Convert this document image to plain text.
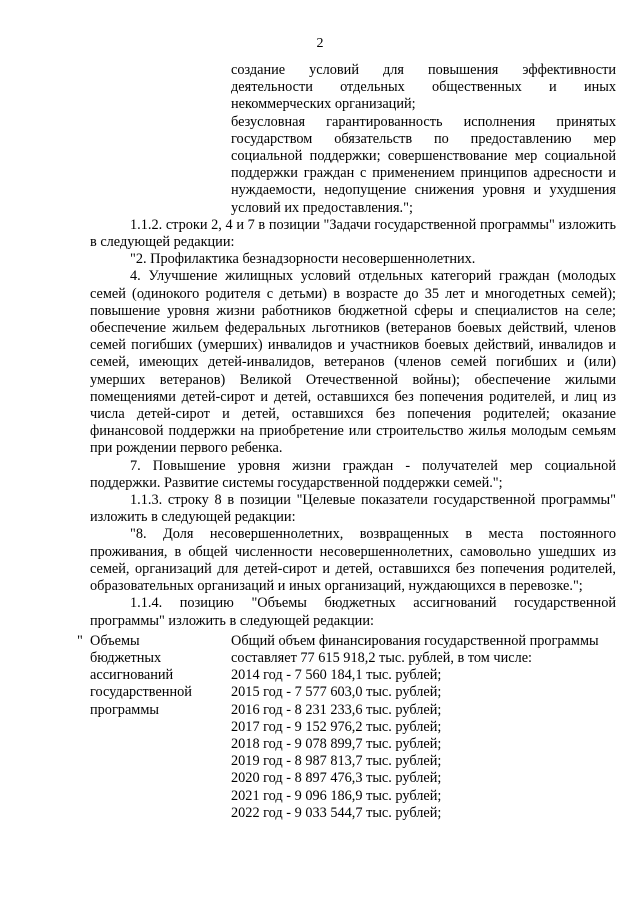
2

создание условий для повышения эффективности деятельности отдельных общественных и иных некоммерческих организаций;

безусловная гарантированность исполнения принятых государством обязательств по предоставлению мер социальной поддержки; совершенствование мер социальной поддержки граждан с применением принципов адресности и нуждаемости, недопущение снижения уровня и ухудшения условий их предоставления.";

1.1.2. строки 2, 4 и 7 в позиции "Задачи государственной программы" изложить в следующей редакции:

"2. Профилактика безнадзорности несовершеннолетних.

4. Улучшение жилищных условий отдельных категорий граждан (молодых семей (одинокого родителя с детьми) в возрасте до 35 лет и многодетных семей); повышение уровня жизни работников бюджетной сферы и специалистов на селе; обеспечение жильем федеральных льготников (ветеранов боевых действий, членов семей погибших (умерших) инвалидов и участников боевых действий, инвалидов и семей, имеющих детей-инвалидов, ветеранов (членов семей погибших и (или) умерших ветеранов) Великой Отечественной войны); обеспечение жилыми помещениями детей-сирот и детей, оставшихся без попечения родителей, и лиц из числа детей-сирот и детей, оставшихся без попечения родителей; оказание финансовой поддержки на приобретение или строительство жилья молодым семьям при рождении первого ребенка.

7. Повышение уровня жизни граждан - получателей мер социальной поддержки. Развитие системы государственной поддержки семей.";

1.1.3. строку 8 в позиции "Целевые показатели государственной программы" изложить в следующей редакции:

"8. Доля несовершеннолетних, возвращенных в места постоянного проживания, в общей численности несовершеннолетних, самовольно ушедших из семей, организаций для детей-сирот и детей, оставшихся без попечения родителей, образовательных организаций и иных организаций, нуждающихся в перевозке.";

1.1.4. позицию "Объемы бюджетных ассигнований государственной программы" изложить в следующей редакции:

" Объемы
бюджетных
ассигнований
государственной
программы
Общий объем финансирования государственной программы
составляет 77 615 918,2 тыс. рублей, в том числе:
2014 год - 7 560 184,1 тыс. рублей;
2015 год - 7 577 603,0 тыс. рублей;
2016 год - 8 231 233,6 тыс. рублей;
2017 год - 9 152 976,2 тыс. рублей;
2018 год - 9 078 899,7 тыс. рублей;
2019 год - 8 987 813,7 тыс. рублей;
2020 год - 8 897 476,3 тыс. рублей;
2021 год - 9 096 186,9 тыс. рублей;
2022 год - 9 033 544,7 тыс. рублей;
